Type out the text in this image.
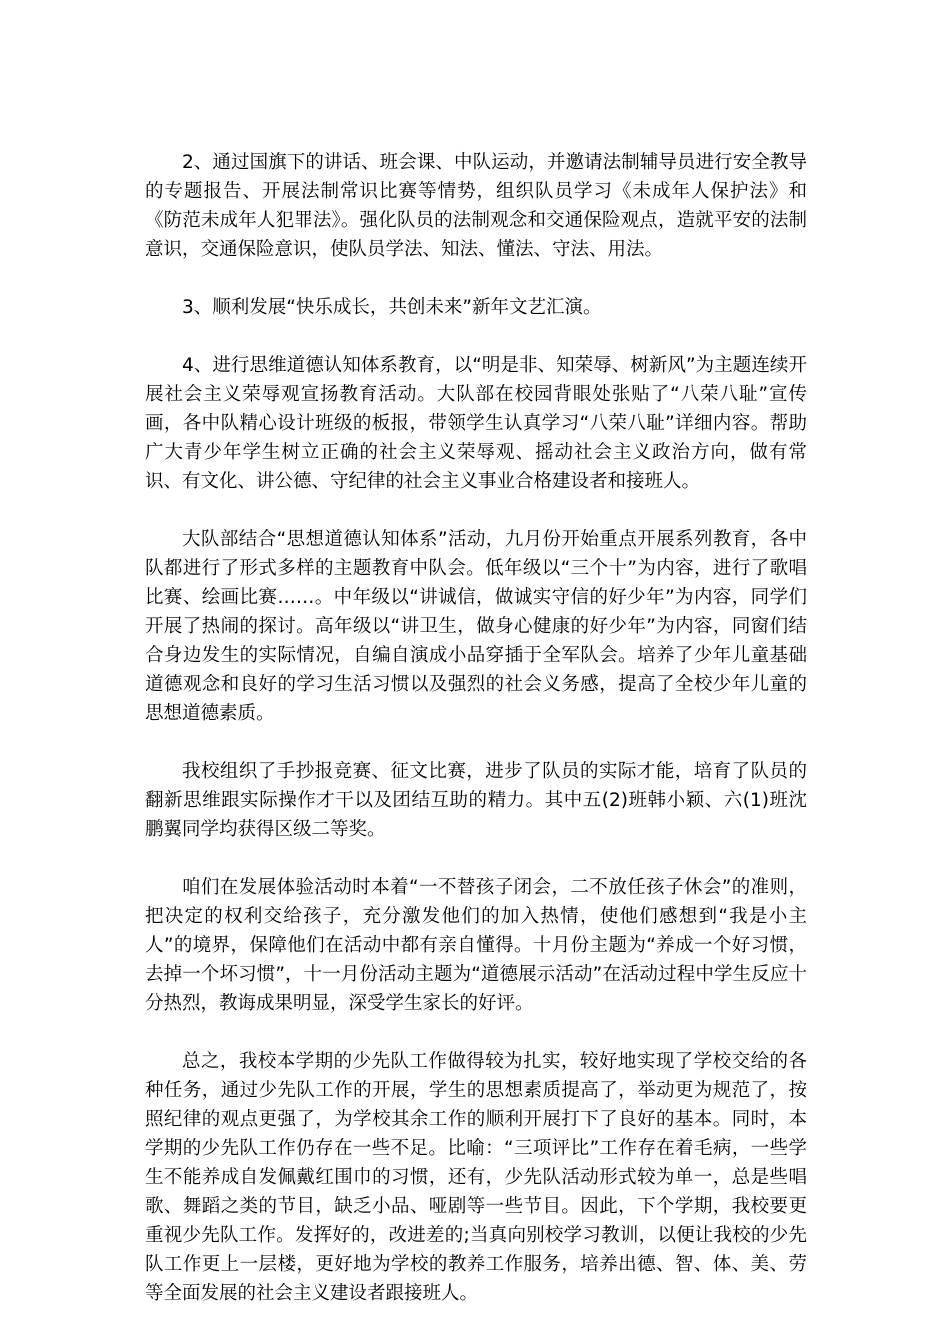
2、通过国旗下的讲话、班会课、中队运动，并邀请法制辅导员进行安全教导的专题报告、开展法制常识比赛等情势，组织队员学习《未成年人保护法》和《防范未成年人犯罪法》。强化队员的法制观念和交通保险观点，造就平安的法制意识，交通保险意识，使队员学法、知法、懂法、守法、用法。

3、顺利发展“快乐成长，共创未来”新年文艺汇演。

4、进行思维道德认知体系教育，以“明是非、知荣辱、树新风”为主题连续开展社会主义荣辱观宣扬教育活动。大队部在校园背眼处张贴了“八荣八耻”宣传画，各中队精心设计班级的板报，带领学生认真学习“八荣八耻”详细内容。帮助广大青少年学生树立正确的社会主义荣辱观、摇动社会主义政治方向，做有常识、有文化、讲公德、守纪律的社会主义事业合格建设者和接班人。

大队部结合“思想道德认知体系”活动，九月份开始重点开展系列教育，各中队都进行了形式多样的主题教育中队会。低年级以“三个十”为内容，进行了歌唱比赛、绘画比赛……。中年级以“讲诚信，做诚实守信的好少年”为内容，同学们开展了热闹的探讨。高年级以“讲卫生，做身心健康的好少年”为内容，同窗们结合身边发生的实际情况，自编自演成小品穿插于全军队会。培养了少年儿童基础道德观念和良好的学习生活习惯以及强烈的社会义务感，提高了全校少年儿童的思想道德素质。

我校组织了手抄报竞赛、征文比赛，进步了队员的实际才能，培育了队员的翻新思维跟实际操作才干以及团结互助的精力。其中五(2)班韩小颖、六(1)班沈鹏翼同学均获得区级二等奖。

咱们在发展体验活动时本着“一不替孩子闭会，二不放任孩子休会”的准则，把决定的权利交给孩子，充分激发他们的加入热情，使他们感想到“我是小主人”的境界，保障他们在活动中都有亲自懂得。十月份主题为“养成一个好习惯，去掉一个坏习惯”，十一月份活动主题为“道德展示活动”在活动过程中学生反应十分热烈，教诲成果明显，深受学生家长的好评。

总之，我校本学期的少先队工作做得较为扎实，较好地实现了学校交给的各种任务，通过少先队工作的开展，学生的思想素质提高了，举动更为规范了，按照纪律的观点更强了，为学校其余工作的顺利开展打下了良好的基本。同时，本学期的少先队工作仍存在一些不足。比喻：“三项评比”工作存在着毛病，一些学生不能养成自发佩戴红围巾的习惯，还有，少先队活动形式较为单一，总是些唱歌、舞蹈之类的节目，缺乏小品、哑剧等一些节目。因此，下个学期，我校要更重视少先队工作。发挥好的，改进差的;当真向别校学习教训，以便让我校的少先队工作更上一层楼，更好地为学校的教养工作服务，培养出德、智、体、美、劳等全面发展的社会主义建设者跟接班人。
